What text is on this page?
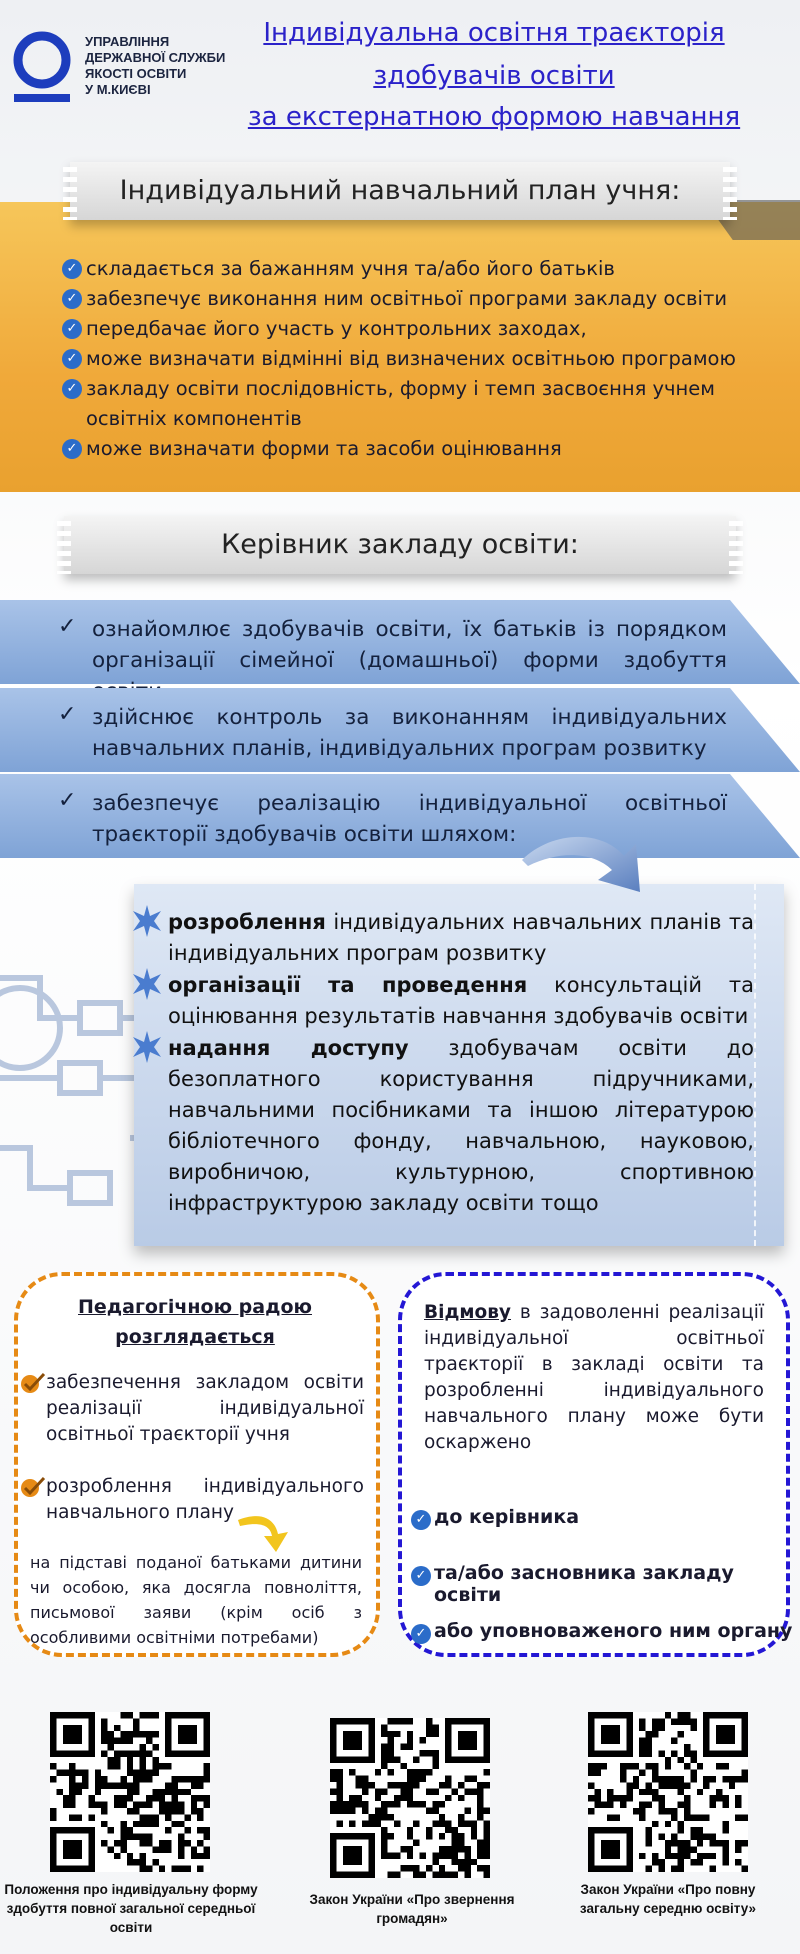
УПРАВЛІННЯ
ДЕРЖАВНОЇ СЛУЖБИ
ЯКОСТІ ОСВІТИ
У М.КИЄВІ
Індивідуальна освітня траєкторія
здобувачів освіти
за екстернатною формою навчання
Індивідуальний навчальний план учня:
✓ складається за бажанням учня та/або його батьків
✓ забезпечує виконання ним освітньої програми закладу освіти
✓ передбачає його участь у контрольних заходах,
✓ може визначати відмінні від визначених освітньою програмою
✓ закладу освіти послідовність, форму і темп засвоєння учнем освітніх компонентів
✓ може визначати форми та засоби оцінювання
Керівник закладу освіти:
✓ ознайомлює здобувачів освіти, їх батьків із порядком організації сімейної (домашньої) форми здобуття
✓ здійснює контроль за виконанням індивідуальних навчальних планів, індивідуальних програм розвитку
✓ забезпечує реалізацію індивідуальної освітньої траєкторії здобувачів освіти шляхом:
розроблення індивідуальних навчальних планів та індивідуальних програм розвитку
організації та проведення консультацій та оцінювання результатів навчання здобувачів освіти
надання доступу здобувачам освіти до безоплатного користування підручниками, навчальними посібниками та іншою літературою бібліотечного фонду, навчальною, науковою, виробничою, культурною, спортивною інфраструктурою закладу освіти тощо
Педагогічною радою
розглядається
забезпечення закладом освіти реалізації індивідуальної освітньої траєкторії учня
розроблення індивідуального навчального плану
на підставі поданої батьками дитини чи особою, яка досягла повноліття, письмової заяви (крім осіб з особливими освітніми потребами)
Відмову в задоволенні реалізації індивідуальної освітньої траєкторії в закладі освіти та розробленні індивідуального навчального плану може бути оскаржено
✓ до керівника
✓ та/або засновника закладу освіти
✓ або уповноваженого ним органу
Положення про індивідуальну форму здобуття повної загальної середньої освіти
Закон України «Про звернення громадян»
Закон України «Про повну загальну середню освіту»
